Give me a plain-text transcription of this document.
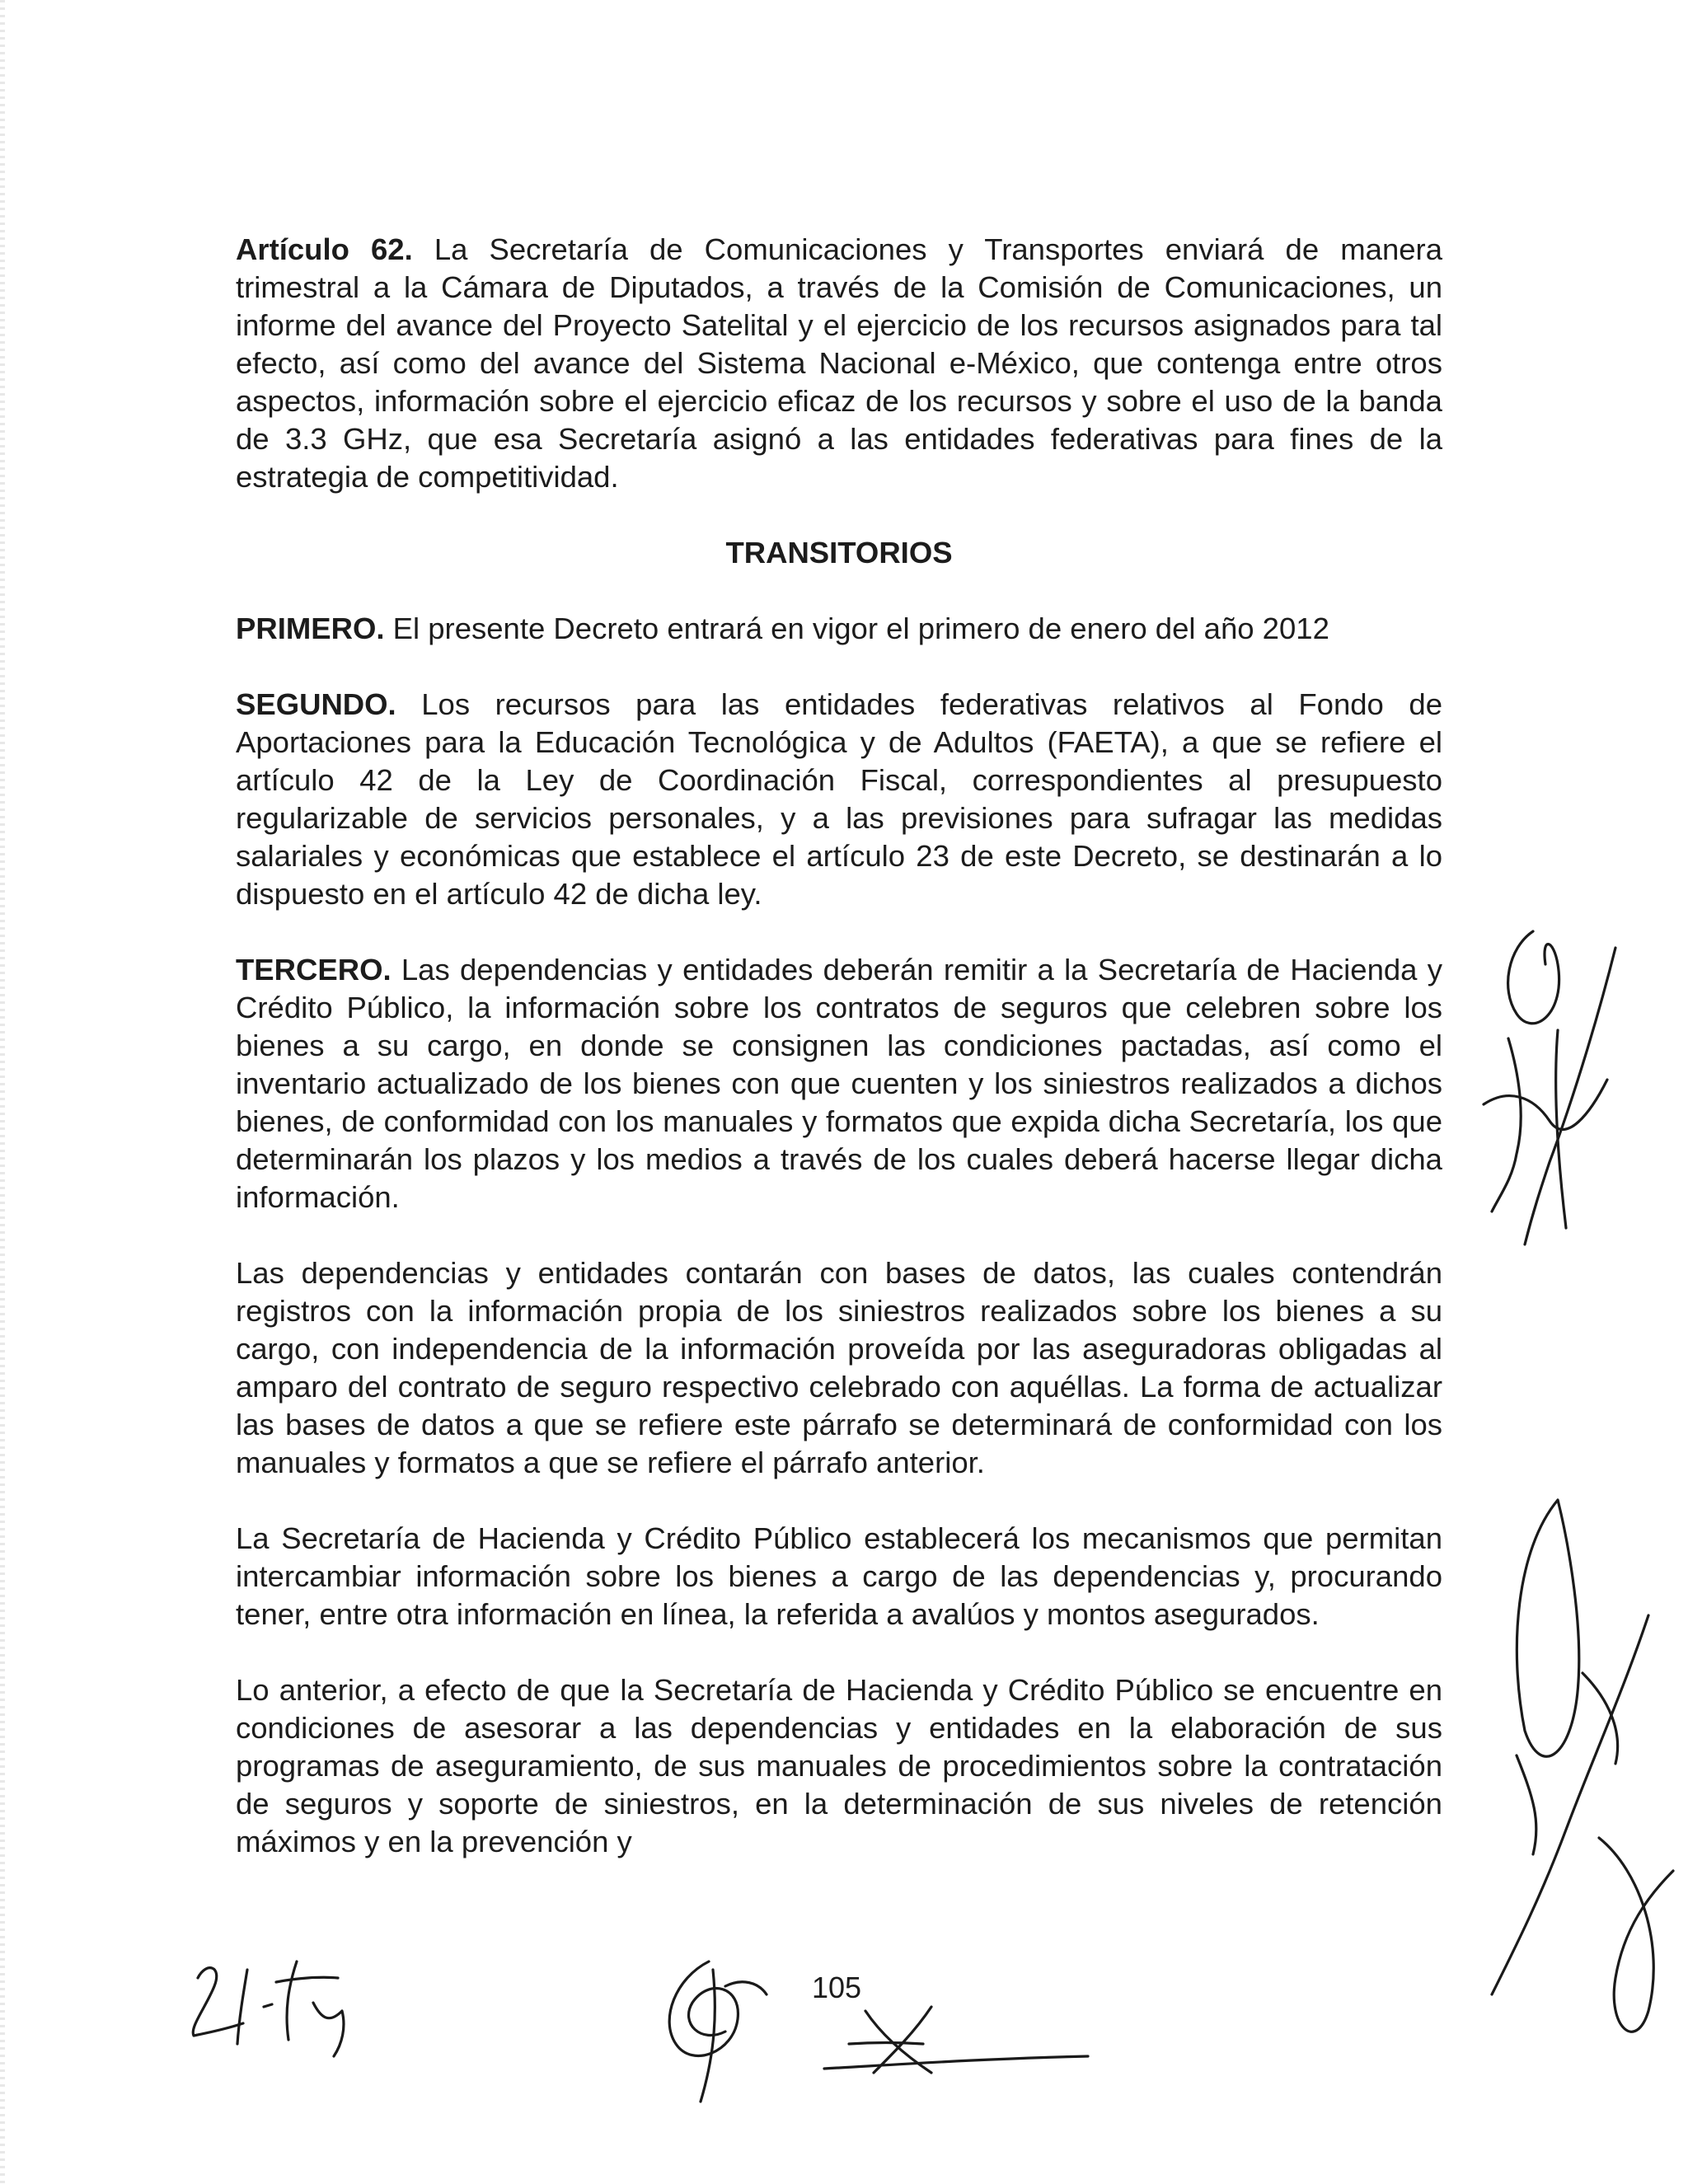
Artículo 62. La Secretaría de Comunicaciones y Transportes enviará de manera trimestral a la Cámara de Diputados, a través de la Comisión de Comunicaciones, un informe del avance del Proyecto Satelital y el ejercicio de los recursos asignados para tal efecto, así como del avance del Sistema Nacional e-México, que contenga entre otros aspectos, información sobre el ejercicio eficaz de los recursos y sobre el uso de la banda de 3.3 GHz, que esa Secretaría asignó a las entidades federativas para fines de la estrategia de competitividad.

TRANSITORIOS

PRIMERO. El presente Decreto entrará en vigor el primero de enero del año 2012

SEGUNDO. Los recursos para las entidades federativas relativos al Fondo de Aportaciones para la Educación Tecnológica y de Adultos (FAETA), a que se refiere el artículo 42 de la Ley de Coordinación Fiscal, correspondientes al presupuesto regularizable de servicios personales, y a las previsiones para sufragar las medidas salariales y económicas que establece el artículo 23 de este Decreto, se destinarán a lo dispuesto en el artículo 42 de dicha ley.

TERCERO. Las dependencias y entidades deberán remitir a la Secretaría de Hacienda y Crédito Público, la información sobre los contratos de seguros que celebren sobre los bienes a su cargo, en donde se consignen las condiciones pactadas, así como el inventario actualizado de los bienes con que cuenten y los siniestros realizados a dichos bienes, de conformidad con los manuales y formatos que expida dicha Secretaría, los que determinarán los plazos y los medios a través de los cuales deberá hacerse llegar dicha información.

Las dependencias y entidades contarán con bases de datos, las cuales contendrán registros con la información propia de los siniestros realizados sobre los bienes a su cargo, con independencia de la información proveída por las aseguradoras obligadas al amparo del contrato de seguro respectivo celebrado con aquéllas. La forma de actualizar las bases de datos a que se refiere este párrafo se determinará de conformidad con los manuales y formatos a que se refiere el párrafo anterior.

La Secretaría de Hacienda y Crédito Público establecerá los mecanismos que permitan intercambiar información sobre los bienes a cargo de las dependencias y, procurando tener, entre otra información en línea, la referida a avalúos y montos asegurados.

Lo anterior, a efecto de que la Secretaría de Hacienda y Crédito Público se encuentre en condiciones de asesorar a las dependencias y entidades en la elaboración de sus programas de aseguramiento, de sus manuales de procedimientos sobre la contratación de seguros y soporte de siniestros, en la determinación de sus niveles de retención máximos y en la prevención y

105
